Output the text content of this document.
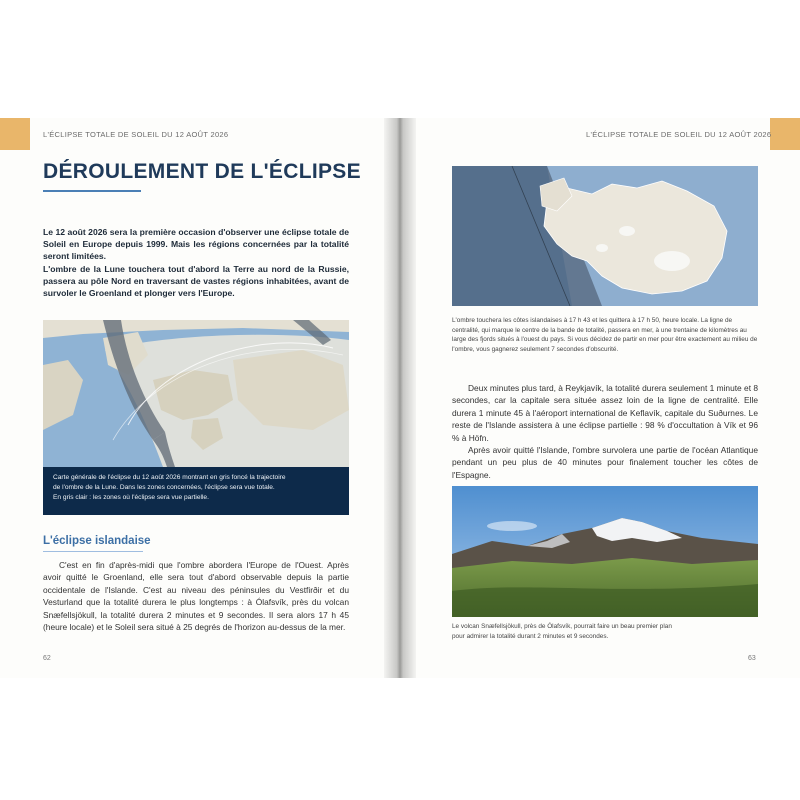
L'ÉCLIPSE TOTALE DE SOLEIL DU 12 AOÛT 2026	L'ÉCLIPSE TOTALE DE SOLEIL DU 12 AOÛT 2026
DÉROULEMENT DE L'ÉCLIPSE

Le 12 août 2026 sera la première occasion d'observer une éclipse totale de Soleil en Europe depuis 1999. Mais les régions concernées par la totalité seront limitées.

L'ombre de la Lune touchera tout d'abord la Terre au nord de la Russie, passera au pôle Nord en traversant de vastes régions inhabitées, avant de survoler le Groenland et plonger vers l'Europe.

Carte générale de l'éclipse du 12 août 2026 montrant en gris foncé la trajectoire
de l'ombre de la Lune. Dans les zones concernées, l'éclipse sera vue totale.
En gris clair : les zones où l'éclipse sera vue partielle.
L'éclipse islandaise

C'est en fin d'après-midi que l'ombre abordera l'Europe de l'Ouest. Après avoir quitté le Groenland, elle sera tout d'abord observable depuis la partie occidentale de l'Islande. C'est au niveau des péninsules du Vestfirðir et du Vesturland que la totalité durera le plus longtemps : à Ólafsvík, près du volcan Snæfellsjökull, la totalité durera 2 minutes et 9 secondes. Il sera alors 17 h 45 (heure locale) et le Soleil sera situé à 25 degrés de l'horizon au-dessus de la mer.

62

L'ombre touchera les côtes islandaises à 17 h 43 et les quittera à 17 h 50, heure locale. La ligne de centralité, qui marque le centre de la bande de totalité, passera en mer, à une trentaine de kilomètres au large des fjords situés à l'ouest du pays. Si vous décidez de partir en mer pour être exactement au milieu de l'ombre, vous gagnerez seulement 7 secondes d'obscurité.

Deux minutes plus tard, à Reykjavík, la totalité durera seulement 1 minute et 8 secondes, car la capitale sera située assez loin de la ligne de centralité. Elle durera 1 minute 45 à l'aéroport international de Keflavík, capitale du Suðurnes. Le reste de l'Islande assistera à une éclipse partielle : 98 % d'occultation à Vík et 96 % à Höfn.

Après avoir quitté l'Islande, l'ombre survolera une partie de l'océan Atlantique pendant un peu plus de 40 minutes pour finalement toucher les côtes de l'Espagne.

Le volcan Snæfellsjökull, près de Ólafsvík, pourrait faire un beau premier plan
pour admirer la totalité durant 2 minutes et 9 secondes.
63
